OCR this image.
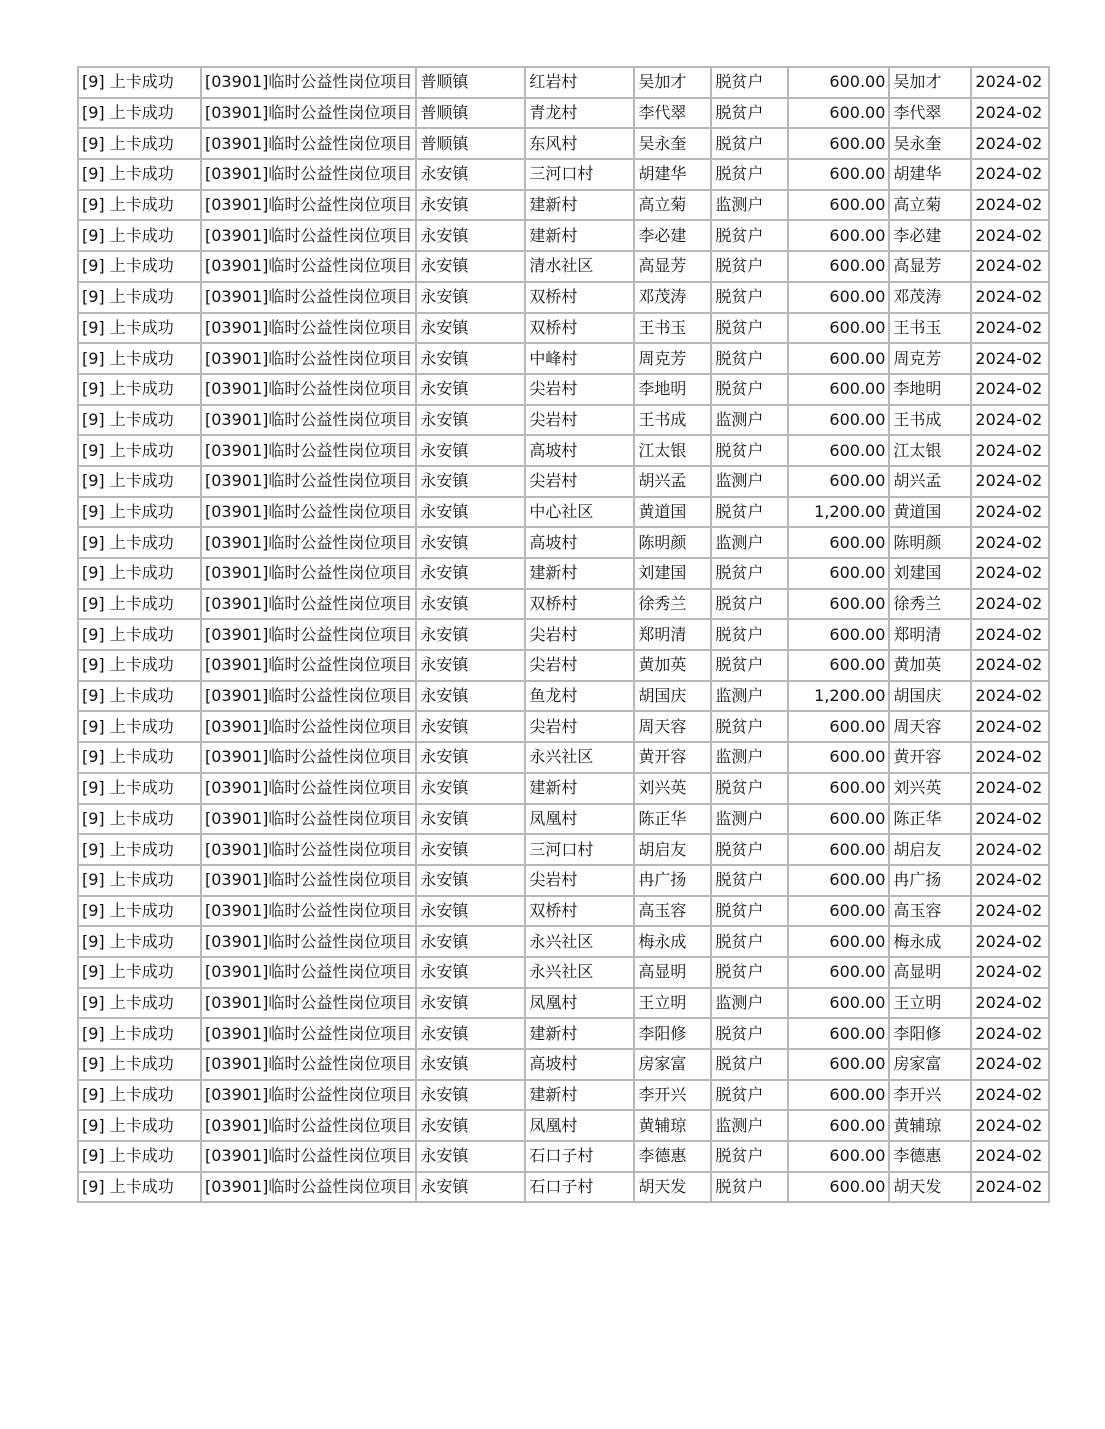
[9] 上卡成功	[03901]临时公益性岗位项目	普顺镇	红岩村	吴加才	脱贫户	600.00	吴加才	2024-02
[9] 上卡成功	[03901]临时公益性岗位项目	普顺镇	青龙村	李代翠	脱贫户	600.00	李代翠	2024-02
[9] 上卡成功	[03901]临时公益性岗位项目	普顺镇	东风村	吴永奎	脱贫户	600.00	吴永奎	2024-02
[9] 上卡成功	[03901]临时公益性岗位项目	永安镇	三河口村	胡建华	脱贫户	600.00	胡建华	2024-02
[9] 上卡成功	[03901]临时公益性岗位项目	永安镇	建新村	高立菊	监测户	600.00	高立菊	2024-02
[9] 上卡成功	[03901]临时公益性岗位项目	永安镇	建新村	李必建	脱贫户	600.00	李必建	2024-02
[9] 上卡成功	[03901]临时公益性岗位项目	永安镇	清水社区	高显芳	脱贫户	600.00	高显芳	2024-02
[9] 上卡成功	[03901]临时公益性岗位项目	永安镇	双桥村	邓茂涛	脱贫户	600.00	邓茂涛	2024-02
[9] 上卡成功	[03901]临时公益性岗位项目	永安镇	双桥村	王书玉	脱贫户	600.00	王书玉	2024-02
[9] 上卡成功	[03901]临时公益性岗位项目	永安镇	中峰村	周克芳	脱贫户	600.00	周克芳	2024-02
[9] 上卡成功	[03901]临时公益性岗位项目	永安镇	尖岩村	李地明	脱贫户	600.00	李地明	2024-02
[9] 上卡成功	[03901]临时公益性岗位项目	永安镇	尖岩村	王书成	监测户	600.00	王书成	2024-02
[9] 上卡成功	[03901]临时公益性岗位项目	永安镇	高坡村	江太银	脱贫户	600.00	江太银	2024-02
[9] 上卡成功	[03901]临时公益性岗位项目	永安镇	尖岩村	胡兴孟	监测户	600.00	胡兴孟	2024-02
[9] 上卡成功	[03901]临时公益性岗位项目	永安镇	中心社区	黄道国	脱贫户	1,200.00	黄道国	2024-02
[9] 上卡成功	[03901]临时公益性岗位项目	永安镇	高坡村	陈明颜	监测户	600.00	陈明颜	2024-02
[9] 上卡成功	[03901]临时公益性岗位项目	永安镇	建新村	刘建国	脱贫户	600.00	刘建国	2024-02
[9] 上卡成功	[03901]临时公益性岗位项目	永安镇	双桥村	徐秀兰	脱贫户	600.00	徐秀兰	2024-02
[9] 上卡成功	[03901]临时公益性岗位项目	永安镇	尖岩村	郑明清	脱贫户	600.00	郑明清	2024-02
[9] 上卡成功	[03901]临时公益性岗位项目	永安镇	尖岩村	黄加英	脱贫户	600.00	黄加英	2024-02
[9] 上卡成功	[03901]临时公益性岗位项目	永安镇	鱼龙村	胡国庆	监测户	1,200.00	胡国庆	2024-02
[9] 上卡成功	[03901]临时公益性岗位项目	永安镇	尖岩村	周天容	脱贫户	600.00	周天容	2024-02
[9] 上卡成功	[03901]临时公益性岗位项目	永安镇	永兴社区	黄开容	监测户	600.00	黄开容	2024-02
[9] 上卡成功	[03901]临时公益性岗位项目	永安镇	建新村	刘兴英	脱贫户	600.00	刘兴英	2024-02
[9] 上卡成功	[03901]临时公益性岗位项目	永安镇	凤凰村	陈正华	监测户	600.00	陈正华	2024-02
[9] 上卡成功	[03901]临时公益性岗位项目	永安镇	三河口村	胡启友	脱贫户	600.00	胡启友	2024-02
[9] 上卡成功	[03901]临时公益性岗位项目	永安镇	尖岩村	冉广扬	脱贫户	600.00	冉广扬	2024-02
[9] 上卡成功	[03901]临时公益性岗位项目	永安镇	双桥村	高玉容	脱贫户	600.00	高玉容	2024-02
[9] 上卡成功	[03901]临时公益性岗位项目	永安镇	永兴社区	梅永成	脱贫户	600.00	梅永成	2024-02
[9] 上卡成功	[03901]临时公益性岗位项目	永安镇	永兴社区	高显明	脱贫户	600.00	高显明	2024-02
[9] 上卡成功	[03901]临时公益性岗位项目	永安镇	凤凰村	王立明	监测户	600.00	王立明	2024-02
[9] 上卡成功	[03901]临时公益性岗位项目	永安镇	建新村	李阳修	脱贫户	600.00	李阳修	2024-02
[9] 上卡成功	[03901]临时公益性岗位项目	永安镇	高坡村	房家富	脱贫户	600.00	房家富	2024-02
[9] 上卡成功	[03901]临时公益性岗位项目	永安镇	建新村	李开兴	脱贫户	600.00	李开兴	2024-02
[9] 上卡成功	[03901]临时公益性岗位项目	永安镇	凤凰村	黄辅琼	监测户	600.00	黄辅琼	2024-02
[9] 上卡成功	[03901]临时公益性岗位项目	永安镇	石口子村	李德惠	脱贫户	600.00	李德惠	2024-02
[9] 上卡成功	[03901]临时公益性岗位项目	永安镇	石口子村	胡天发	脱贫户	600.00	胡天发	2024-02
